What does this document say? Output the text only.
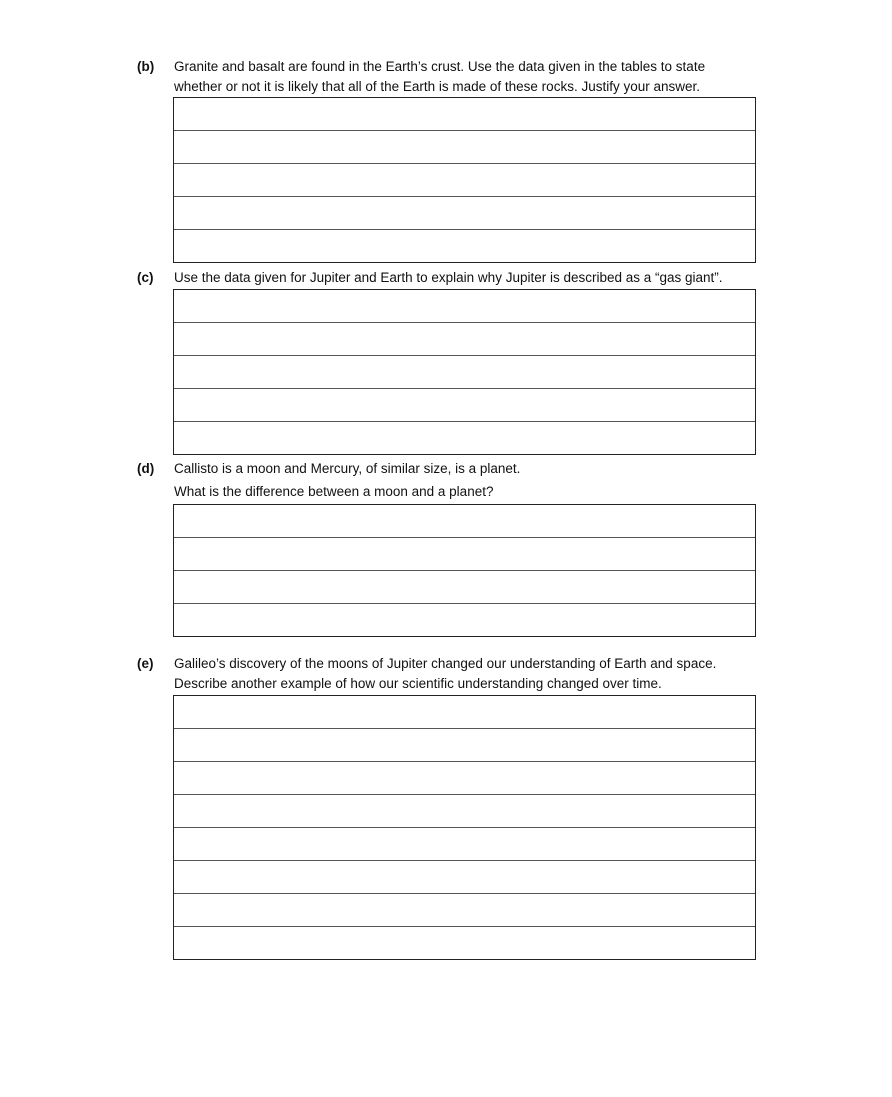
(b) Granite and basalt are found in the Earth’s crust. Use the data given in the tables to state
whether or not it is likely that all of the Earth is made of these rocks. Justify your answer.
(c) Use the data given for Jupiter and Earth to explain why Jupiter is described as a “gas giant”.
(d) Callisto is a moon and Mercury, of similar size, is a planet.
What is the difference between a moon and a planet?
(e) Galileo’s discovery of the moons of Jupiter changed our understanding of Earth and space.
Describe another example of how our scientific understanding changed over time.
